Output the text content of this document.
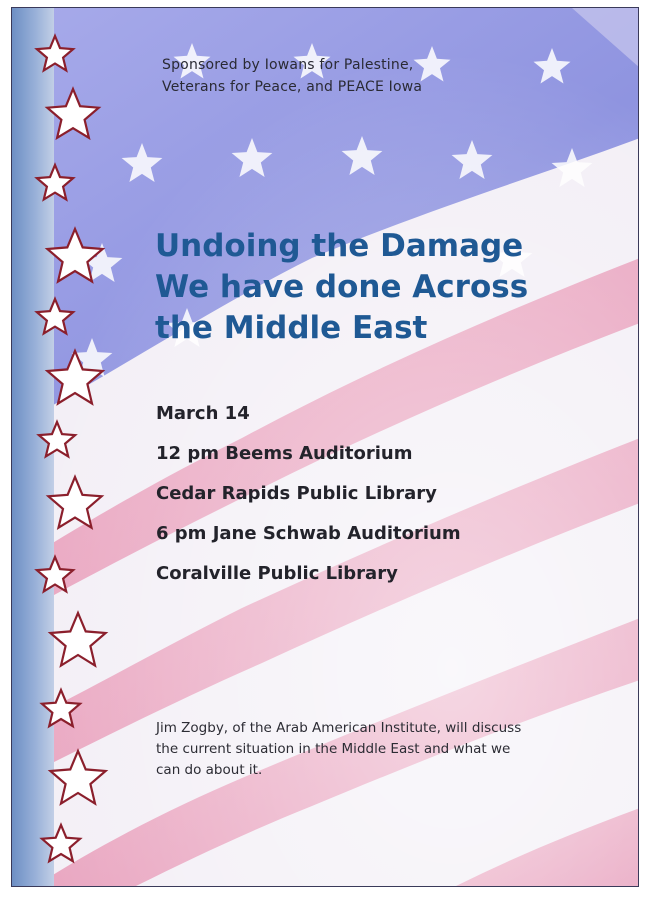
Sponsored by Iowans for Palestine,
Veterans for Peace, and PEACE Iowa
Undoing the Damage
We have done Across
the Middle East
March 14
12 pm Beems Auditorium
Cedar Rapids Public Library
6 pm Jane Schwab Auditorium
Coralville Public Library
Jim Zogby, of the Arab American Institute, will discuss
the current situation in the Middle East and what we
can do about it.
